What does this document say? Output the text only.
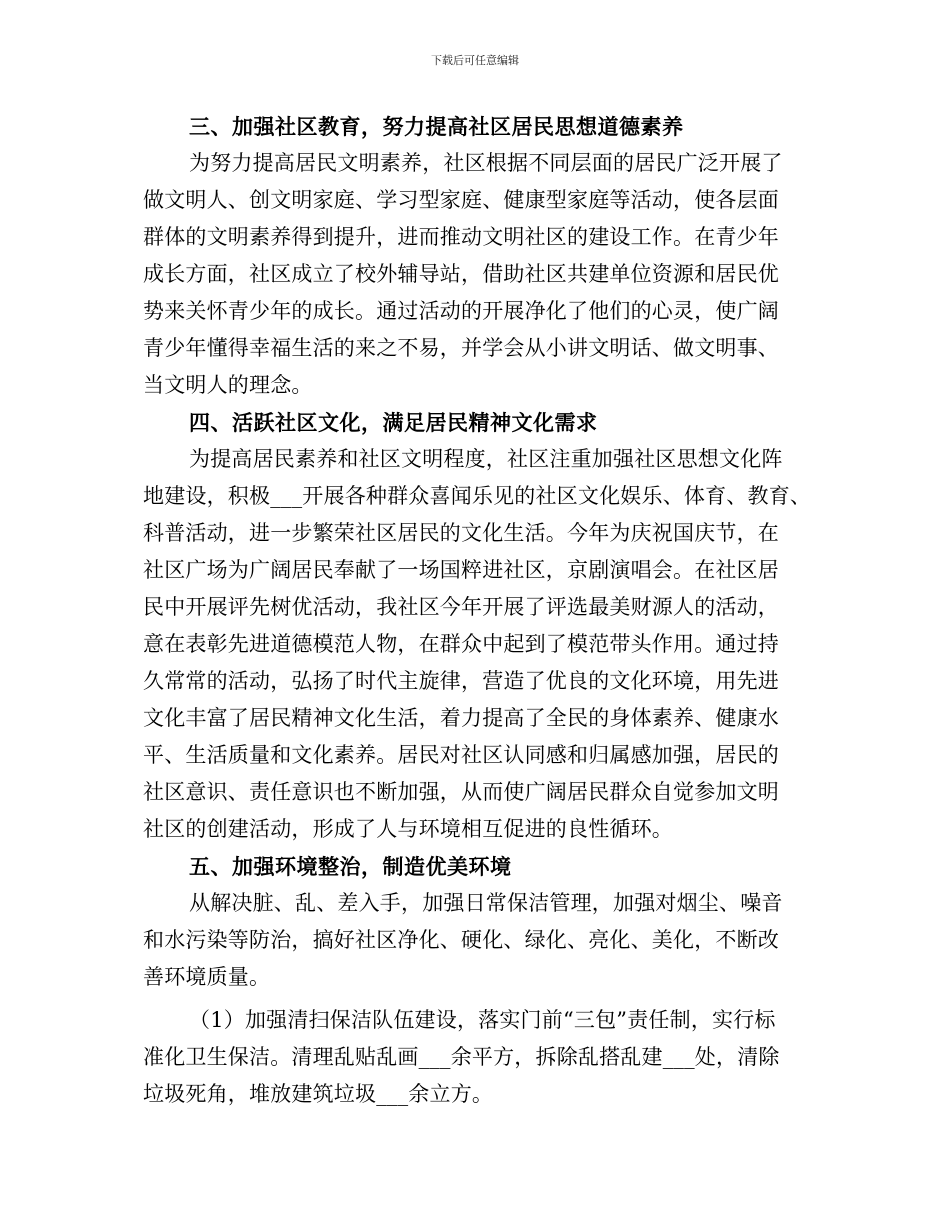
下载后可任意编辑

三、加强社区教育，努力提高社区居民思想道德素养

为努力提高居民文明素养，社区根据不同层面的居民广泛开展了
做文明人、创文明家庭、学习型家庭、健康型家庭等活动，使各层面
群体的文明素养得到提升，进而推动文明社区的建设工作。在青少年
成长方面，社区成立了校外辅导站，借助社区共建单位资源和居民优
势来关怀青少年的成长。通过活动的开展净化了他们的心灵，使广阔
青少年懂得幸福生活的来之不易，并学会从小讲文明话、做文明事、
当文明人的理念。

四、活跃社区文化，满足居民精神文化需求

为提高居民素养和社区文明程度，社区注重加强社区思想文化阵
地建设，积极___开展各种群众喜闻乐见的社区文化娱乐、体育、教育、
科普活动，进一步繁荣社区居民的文化生活。今年为庆祝国庆节，在
社区广场为广阔居民奉献了一场国粹进社区，京剧演唱会。在社区居
民中开展评先树优活动，我社区今年开展了评选最美财源人的活动，
意在表彰先进道德模范人物，在群众中起到了模范带头作用。通过持
久常常的活动，弘扬了时代主旋律，营造了优良的文化环境，用先进
文化丰富了居民精神文化生活，着力提高了全民的身体素养、健康水
平、生活质量和文化素养。居民对社区认同感和归属感加强，居民的
社区意识、责任意识也不断加强，从而使广阔居民群众自觉参加文明
社区的创建活动，形成了人与环境相互促进的良性循环。

五、加强环境整治，制造优美环境

从解决脏、乱、差入手，加强日常保洁管理，加强对烟尘、噪音
和水污染等防治，搞好社区净化、硬化、绿化、亮化、美化，不断改
善环境质量。
（1）加强清扫保洁队伍建设，落实门前“三包”责任制，实行标
准化卫生保洁。清理乱贴乱画___余平方，拆除乱搭乱建___处，清除
垃圾死角，堆放建筑垃圾___余立方。
